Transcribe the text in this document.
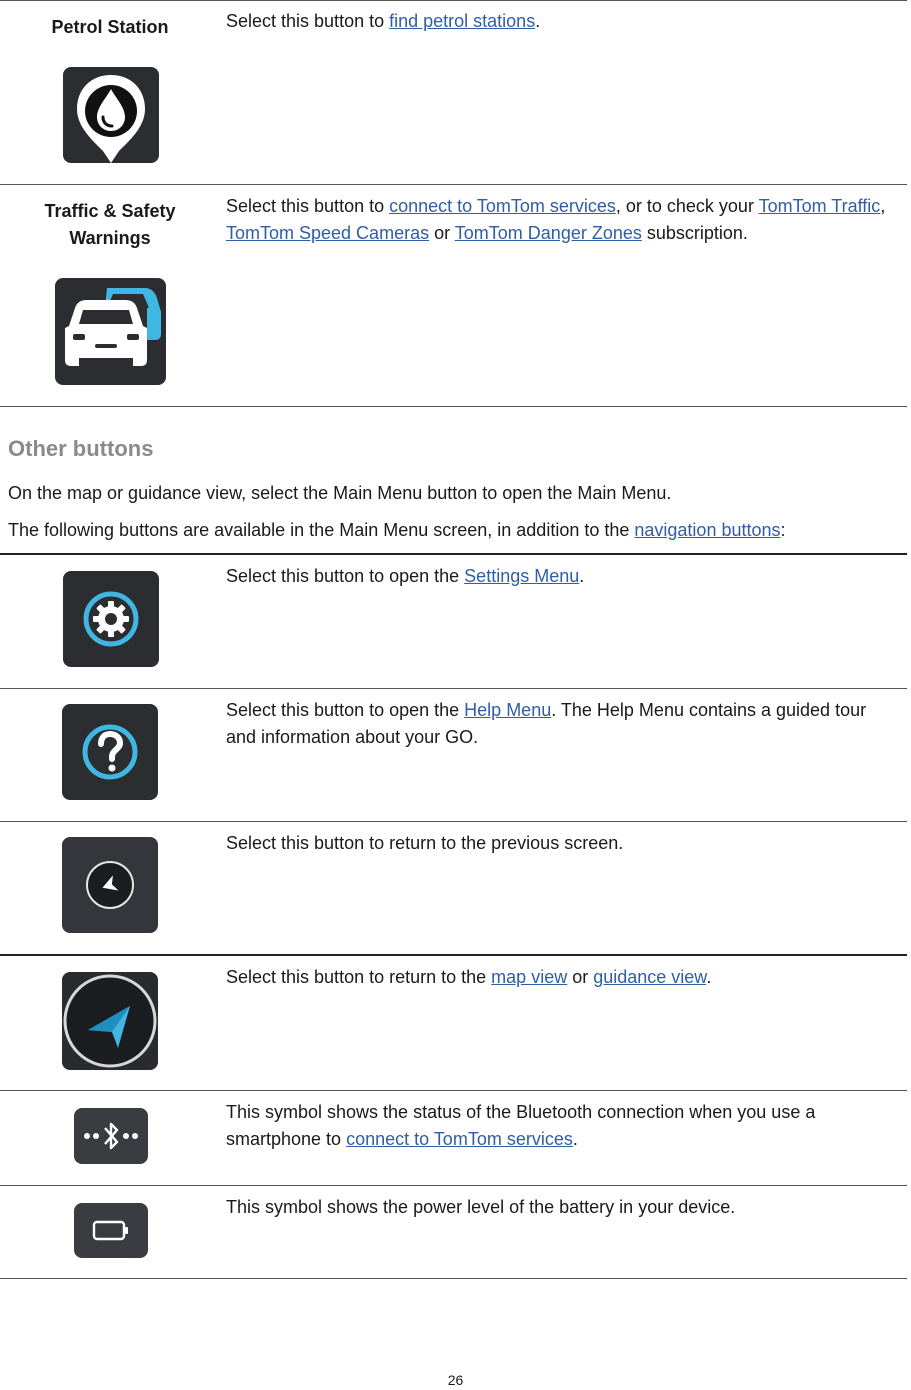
Petrol Station	Select this button to find petrol stations.
Traffic & Safety
Warnings
Select this button to connect to TomTom services, or to check your TomTom Traffic, TomTom Speed Cameras or TomTom Danger Zones subscription.
Other buttons
On the map or guidance view, select the Main Menu button to open the Main Menu.
The following buttons are available in the Main Menu screen, in addition to the navigation buttons:
Select this button to open the Settings Menu.
Select this button to open the Help Menu. The Help Menu contains a guided tour and information about your GO.
Select this button to return to the previous screen.
Select this button to return to the map view or guidance view.
This symbol shows the status of the Bluetooth connection when you use a smartphone to connect to TomTom services.
This symbol shows the power level of the battery in your device.
26
